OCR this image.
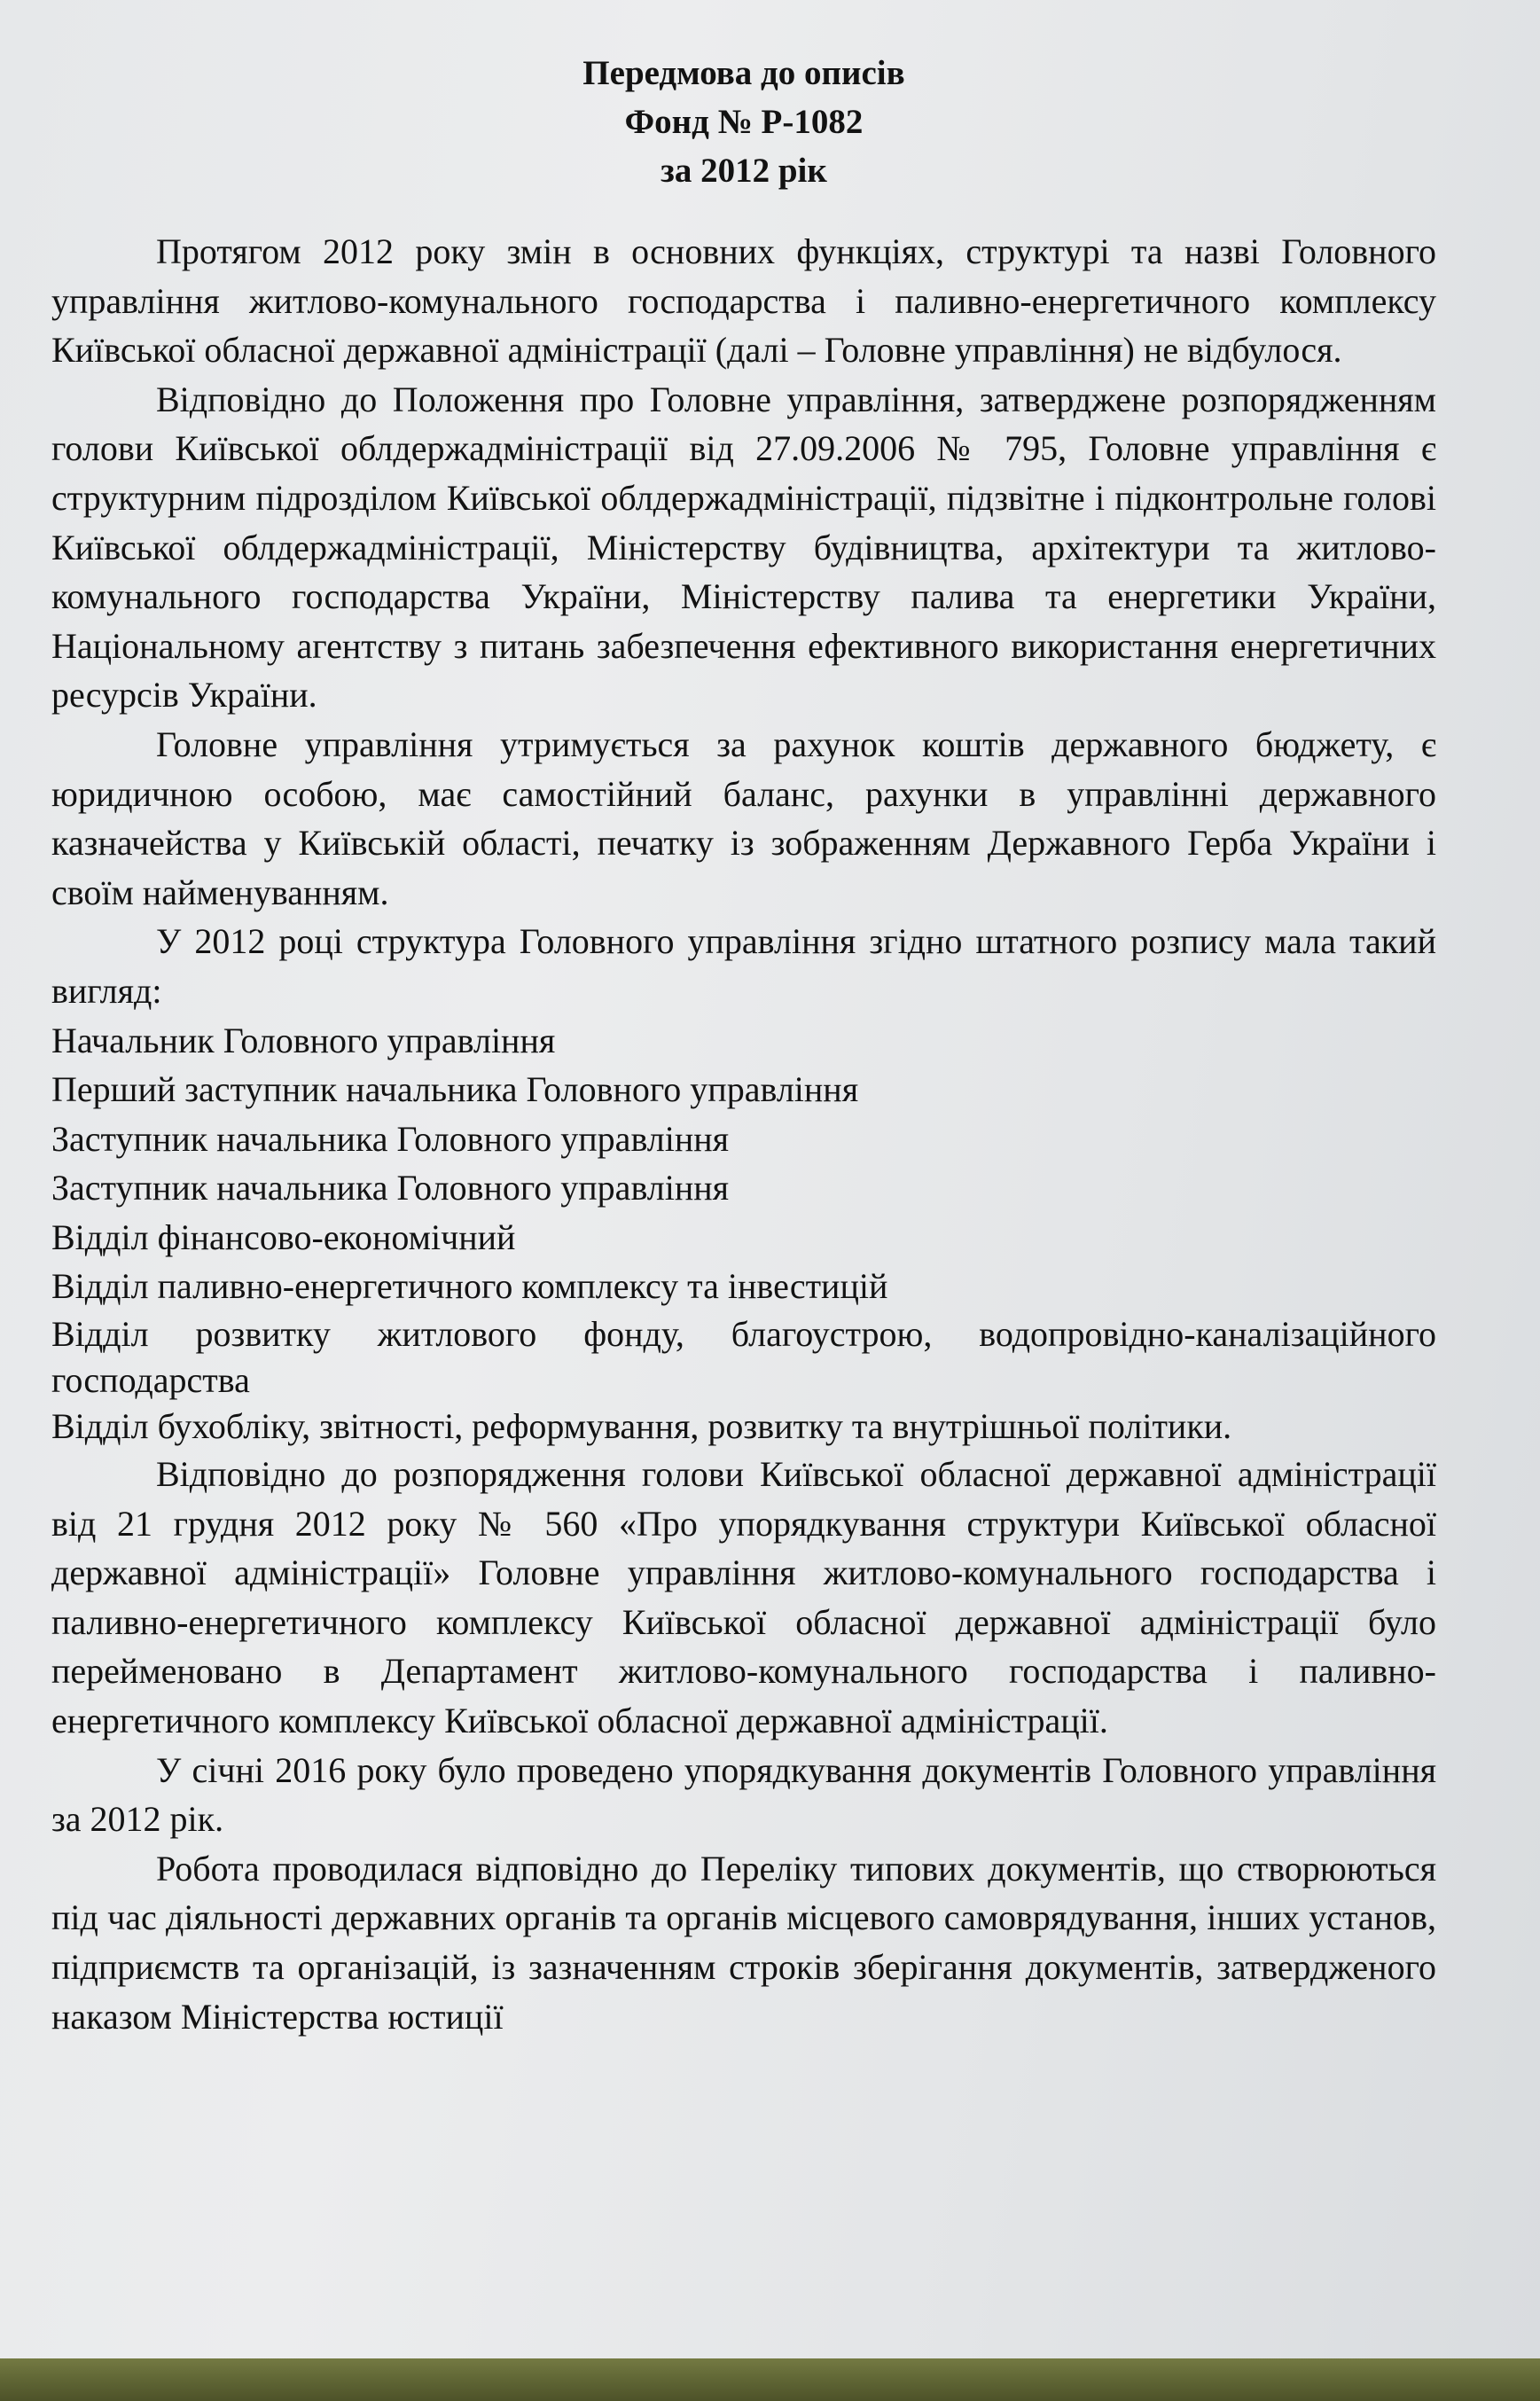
Передмова до описів
Фонд № Р-1082
за 2012 рік

Протягом 2012 року змін в основних функціях, структурі та назві Головного управління житлово-комунального господарства і паливно-енергетичного комплексу Київської обласної державної адміністрації (далі – Головне управління) не відбулося.

Відповідно до Положення про Головне управління, затверджене розпорядженням голови Київської облдержадміністрації від 27.09.2006 № 795, Головне управління є структурним підрозділом Київської облдержадміністрації, підзвітне і підконтрольне голові Київської облдержадміністрації, Міністерству будівництва, архітектури та житлово-комунального господарства України, Міністерству палива та енергетики України, Національному агентству з питань забезпечення ефективного використання енергетичних ресурсів України.

Головне управління утримується за рахунок коштів державного бюджету, є юридичною особою, має самостійний баланс, рахунки в управлінні державного казначейства у Київській області, печатку із зображенням Державного Герба України і своїм найменуванням.

У 2012 році структура Головного управління згідно штатного розпису мала такий вигляд:

Начальник Головного управління
Перший заступник начальника Головного управління
Заступник начальника Головного управління
Заступник начальника Головного управління
Відділ фінансово-економічний
Відділ паливно-енергетичного комплексу та інвестицій
Відділ розвитку житлового фонду, благоустрою, водопровідно-каналізаційного господарства
Відділ бухобліку, звітності, реформування, розвитку та внутрішньої політики.

Відповідно до розпорядження голови Київської обласної державної адміністрації від 21 грудня 2012 року № 560 «Про упорядкування структури Київської обласної державної адміністрації» Головне управління житлово-комунального господарства і паливно-енергетичного комплексу Київської обласної державної адміністрації було перейменовано в Департамент житлово-комунального господарства і паливно-енергетичного комплексу Київської обласної державної адміністрації.

У січні 2016 року було проведено упорядкування документів Головного управління за 2012 рік.

Робота проводилася відповідно до Переліку типових документів, що створюються під час діяльності державних органів та органів місцевого самоврядування, інших установ, підприємств та організацій, із зазначенням строків зберігання документів, затвердженого наказом Міністерства юстиції
